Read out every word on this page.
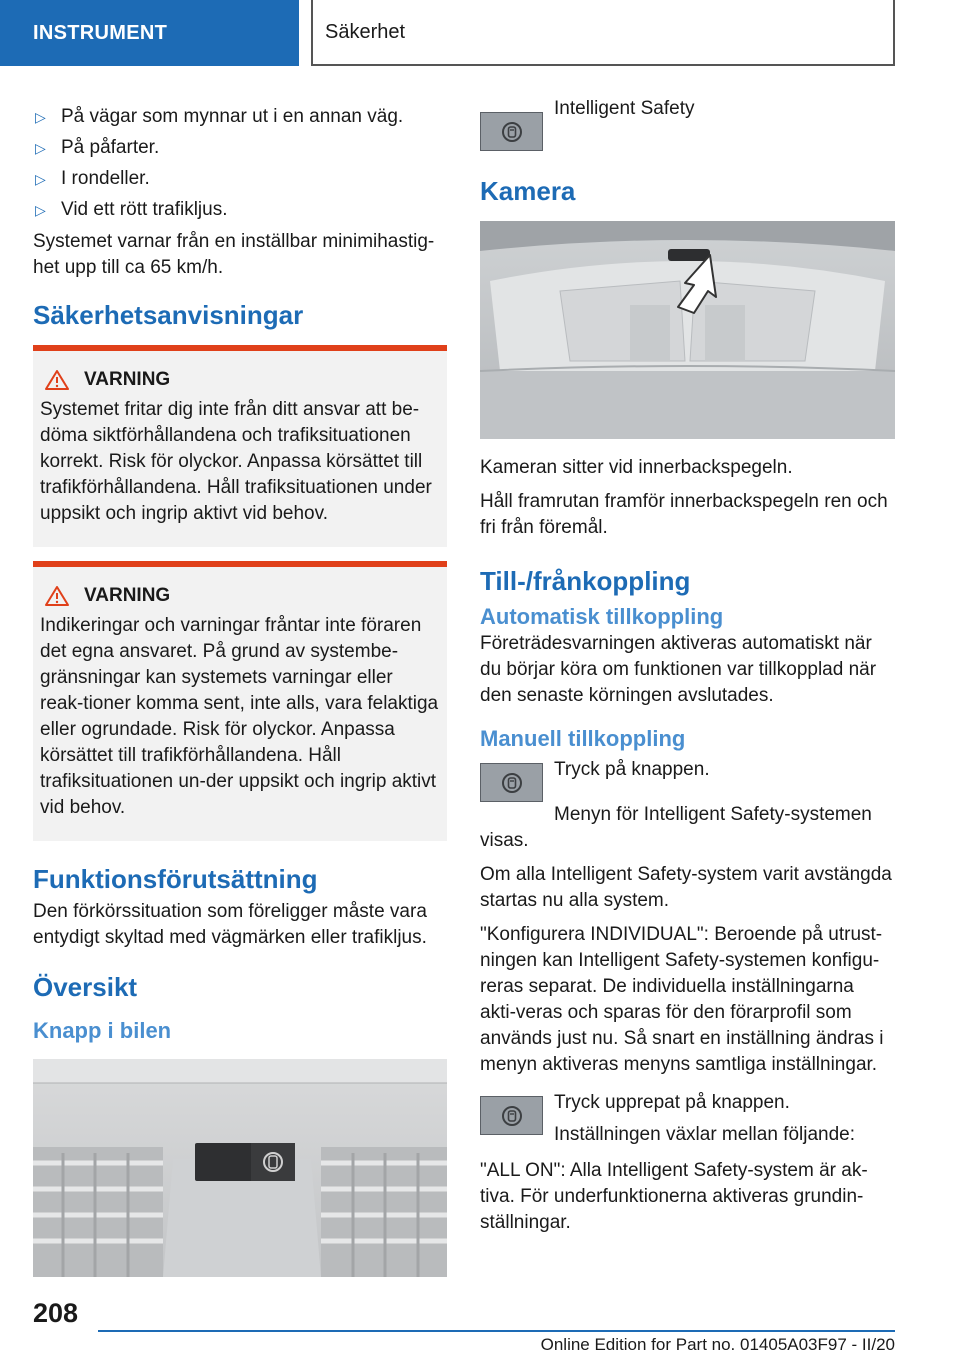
INSTRUMENT	Säkerhet
▷ På vägar som mynnar ut i en annan väg.
▷ På påfarter.
▷ I rondeller.
▷ Vid ett rött trafikljus.

Systemet varnar från en inställbar minimihastig-het upp till ca 65 km/h.

Säkerhetsanvisningar
VARNING

Systemet fritar dig inte från ditt ansvar att be-döma siktförhållandena och trafiksituationen korrekt. Risk för olyckor. Anpassa körsättet till trafikförhållandena. Håll trafiksituationen under uppsikt och ingrip aktivt vid behov.

VARNING

Indikeringar och varningar fråntar inte föraren det egna ansvaret. På grund av systembe-gränsningar kan systemets varningar eller reak-tioner komma sent, inte alls, vara felaktiga eller ogrundade. Risk för olyckor. Anpassa körsättet till trafikförhållandena. Håll trafiksituationen un-der uppsikt och ingrip aktivt vid behov.

Funktionsförutsättning

Den förkörssituation som föreligger måste vara entydigt skyltad med vägmärken eller trafikljus.

Översikt
Knapp i bilen

Intelligent Safety

Kamera

Kameran sitter vid innerbackspegeln.

Håll framrutan framför innerbackspegeln ren och fri från föremål.

Till-/frånkoppling
Automatisk tillkoppling

Företrädesvarningen aktiveras automatiskt när du börjar köra om funktionen var tillkopplad när den senaste körningen avslutades.

Manuell tillkoppling

Tryck på knappen.

Menyn för Intelligent Safety-systemen visas.

Om alla Intelligent Safety-system varit avstängda startas nu alla system.

"Konfigurera INDIVIDUAL": Beroende på utrust-ningen kan Intelligent Safety-systemen konfigu-reras separat. De individuella inställningarna akti-veras och sparas för den förarprofil som används just nu. Så snart en inställning ändras i menyn aktiveras menyns samtliga inställningar.

Tryck upprepat på knappen.

Inställningen växlar mellan följande:

"ALL ON": Alla Intelligent Safety-system är ak-tiva. För underfunktionerna aktiveras grundin-ställningar.

208
Online Edition for Part no. 01405A03F97 - II/20
